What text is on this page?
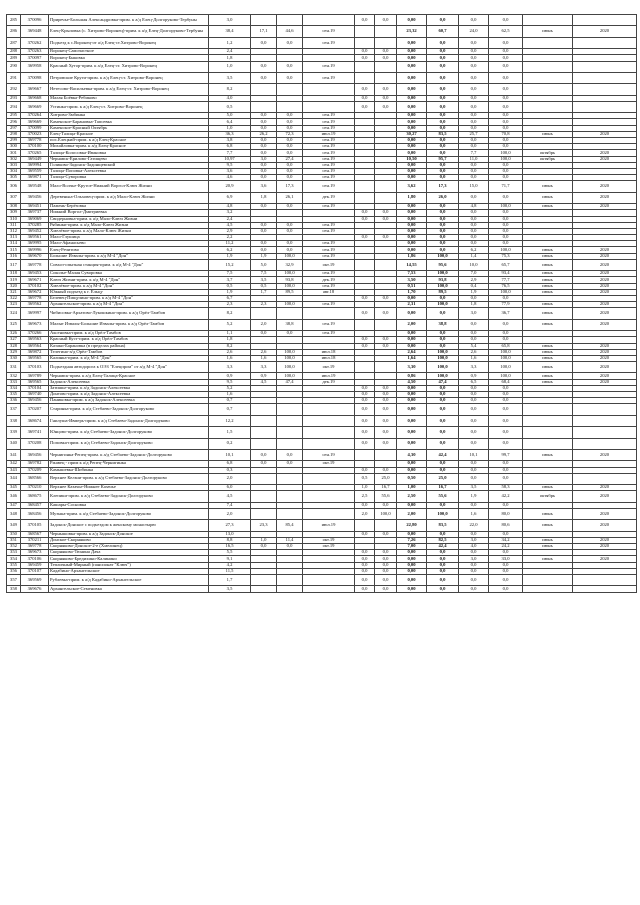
285	370096	Приречье-Большая Александровка-прим. к а/д Елец-Долгоруково-Тербуны	3,0				0,0	0,0	0,00	0,0	0,0	0,0		
286	369448	Елец-Крыловка (с. Хитрово-Воронец)-прим. к а/д Елец-Долгоруково-Тербуны	38,4	17,1	44,6	сен.19			23,32	60,7	24,0	62,5	июнь	2020
287	370262	Подъезд к с.Воронец-от а/д Елец-ст.Хитрово-Воронец	1,2	0,0	0,0	сен.19			0,00	0,0	0,0	0,0		
288	370263	Воронец-Самочастное	2,4				0,0	0,0	0,00	0,0	0,0	0,0		
289	370097	Воронец-Быковка	1,8				0,0	0,0	0,00	0,0	0,0	0,0		
290	369958	Красный Хутор-прим. к а/д Елец-ст. Хитрово-Воронец	1,0	0,0	0,0	сен.19			0,00	0,0	0,0	0,0		
291	370098	Петровские Круги-прим. к а/д Елец-ст. Хитрово-Воронец	3,5	0,0	0,0	сен.19			0,00	0,0	0,0	0,0		
292	369667	Нетесово-Васильевка-прим. к а/д Елец-ст. Хитрово-Воронец	8,2				0,0	0,0	0,00	0,0	0,0	0,0		
293	369668	Малая Боёвка-Ребиково	4,0				0,0	0,0	0,00	0,0	0,0	0,0		
294	369669	Устинка-прим. к а/д Елец-ст. Хитрово-Воронец	0,5				0,0	0,0	0,00	0,0	0,0	0,0		
295	370264	Хитрово-Змбинка	5,0	0,0	0,0	сен.19			0,00	0,0	0,0	0,0		
296	369669	Каменское-Барановка-Тапсевка	6,4	0,0	0,0	сен.19			0,00	0,0	0,0	0,0		
297	370099	Каменское-Красный Октябрь	1,0	0,0	0,0	сен.19			0,00	0,0	0,0	0,0		
298	370023	Елец-Талица-Красное	36,3	26,2	72,3	июл.19			30,27	83,5	25,7	70,8	июнь	2020
299	369778	пос.Елецкий-прим. к а/д Елец-Красное	3,8	0,0	0,0	сен.19			0,00	0,0	0,0	0,0		
300	370100	Михайловка-прим. к а/д Елец-Красное	6,8	0,0	0,0	сен.19			0,00	0,0	0,0	0,0		
301	370265	Талица-Колосовка-Ивановка	7,7	0,0	0,0	сен.19			0,00	0,0	7,7	100,0	октябрь	2020
302	369449	Чернавск-Ерилово-Гатищево	10,97	3,0	27,4	сен.19			10,50	95,7	11,0	100,0	октябрь	2020
303	369994	Голиково-Задонск-Задонщевский	9,5	0,0	0,0	сен.19			0,00	0,0	0,0	0,0		
304	369559	Талица-Поповка-Алексеевка	3,6	0,0	0,0	сен.19			0,00	0,0	0,0	0,0		
305	369871	Талица-Суворовка	4,6	0,0	0,0	сен.19			0,00	0,0	0,0	0,0		
306	369548	Мало-Волчье-Крутое-Нижний Воргол-Ключ Жизни	20,9	3,6	17,3	сен.19			3,62	17,3	15,0	71,7	июнь	2020
307	369456	Деревенька-Ольховец-прим. к а/д Мало-Ключ Жизни	6,9	1,8	26,1	дек.19			1,80	26,0	0,0	0,0	июнь	2020
308	369451	Пажень-Берёзовка	4,8	0,0	0,0	сен.19			0,00	0,0	4,8	100,0	июнь	2020
309	369737	Нижний Воргол-Дмитриевка	3,2				0,0	0,0	0,00	0,0	0,0	0,0		
310	369069	Свидерновка-прим. к а/д Мало-Ключ Жизни	2,4				0,0	0,0	0,00	0,0	0,0	0,0		
311	370285	Рябинки-прим. к а/д Мало-Ключ Жизни	4,5	0,0	0,0	сен.19			0,00	0,0	0,0	0,0		
312	369452	Хмелёвое-прим. к а/д Мало-Ключ Жизни	2,9	0,0	0,0	сен.19			0,00	0,0	0,0	0,0		
313	369561	Мало-Глушица	2,2				0,0	0,0	0,00	0,0	0,0	0,0		
314	369995	Мало-Афанасьево	11,2	0,0	0,0	сен.19			0,00	0,0	0,0	0,0		
315	369996	Елец-Речитово	6,2	0,0	0,0	сен.19			0,00	0,0	6,2	100,0	июнь	2020
316	369670	Большие Извалы-прим. к а/д М-4 "Дон"	1,9	1,9	100,0	сен.19			1,86	100,0	1,4	75,3	июнь	2020
317	369778	Совхоз-опытная станция-прим. к а/д М-4 "Дон"	15,2	5,0	32,9	окт.19			14,55	95,6	10,0	65,7	июнь	2020
318	369453	Соколье-Малая Суворовка	7,5	7,5	100,0	сен.19			7,53	100,0	7,0	93,4	июнь	2020
319	369671	Ключ Жизни-прим. к а/д М-4 "Дон"	3,7	3,5	93,8	дек.19			3,50	93,8	2,9	77,7	июнь	2020
320	370102	Хмелёвое-прим. к а/д М-4 "Дон"	0,5	0,5	100,0	сен.19			0,51	100,0	0,4	76,5	июнь	2020
321	369672	Южный подъезд к г. Ельцу	1,9	1,7	89,5	авг.18			1,70	89,5	1,9	100,0	июнь	2020
322	369778	Белевец-Пищулино-прим. к а/д М-4 "Дон"	6,7				0,0	0,0	0,00	0,0	0,0	0,0		
323	369562	Архангельское-прим. к а/д М-4 "Дон"	2,3	2,3	100,0	сен.19			2,31	100,0	1,8	77,9	июнь	2020
324	369997	Чибисовка-Архатово-Лукошкино-прим. к а/д Орёл-Тамбов	8,2				0,0	0,0	0,00	0,0	3,0	36,7	июнь	2020
325	369673	Малые Извалы-Большие Извалы-прим. к а/д Орёл-Тамбов	5,2	2,0	38,8	сен.19			2,00	38,8	0,0	0,0	июнь	2020
326	370266	Аксеновка-прим. к а/д Орёл-Тамбов	1,1	0,0	0,0	сен.19			0,00	0,0	0,0	0,0		
327	369563	Красный Куст-прим. к а/д Орёл-Тамбов	1,8				0,0	0,0	0,00	0,0	0,0	0,0		
328	369564	Казаки-Барановка (в пределах района)	8,2				0,0	0,0	0,00	0,0	5,4	65,8	июнь	2020
329	369872	Телегино-а/д Орёл-Тамбов	2,6	2,6	100,0	июл.18			2,64	100,0	2,6	100,0	июнь	2020
330	369565	Калинка-прим. к а/д М-4 "Дон"	1,6	1,6	100,0	июл.18			1,64	100,0	1,6	100,0	июнь	2020
331	370103	Подъездная автодорога к ОЭЗ "Елецпром" от а/д М-4 "Дон"	3,3	3,3	100,0	окт.19			3,30	100,0	3,3	100,0	июнь	2020
332	369789	Чернавск-прим. к а/д Елец-Талица-Красное	0,9	0,9	100,0	июл.19			0,86	100,0	0,9	100,0	июнь	2020
333	369565	Задонск-Алексеевка	9,5	4,5	47,4	дек.19			4,50	47,4	6,5	68,4	июнь	2020
334	370104	Затишье-прим. к а/д Задонск-Алексеевка	5,2				0,0	0,0	0,00	0,0	0,0	0,0		
335	369740	Донтово-прим. к а/д Задонск-Алексеевка	1,6				0,0	0,0	0,00	0,0	0,0	0,0		
336	369456	Паниковка-прим. к а/д Задонск-Алексеевка	0,7				0,0	0,0	0,00	0,0	0,0	0,0		
337	370207	Старинка-прим. к а/д Стебаево-Задонск-Долгоруково	0,7				0,0	0,0	0,00	0,0	0,0	0,0		
338	368674	Гнилуша-Ивмерь-прим. к а/д Стебаево-Задонск-Долгоруково	12,2				0,0	0,0	0,00	0,0	0,0	0,0		
339	369741	Юнцово-прим. к а/д Стебаево-Задонск-Долгоруково	1,5				0,0	0,0	0,00	0,0	0,0	0,0		
340	370208	Поповка-прим. к а/д Стебаево-Задонск-Долгоруково	0,2				0,0	0,0	0,00	0,0	0,0	0,0		
341	369456	Чернигинка-Репец-прим. к а/д Стебаево-Задонск-Долгоруково	10,1	0,0	0,0	сен.19			4,30	42,4	10,1	99,7	июнь	2020
342	369782	Ржавец - прим к а/д Репец-Чернигинка	6,8	0,0	0,0	окт.19			0,00	0,0	0,0	0,0		
343	370209	Камышевка-Шибинка	0,3				0,0	0,0	0,00	0,0	0,0	0,0		
344	368566	Верхнее Кельчи-прим. к а/д Стебаево-Задонск-Долгоруково	2,0				0,5	25,0	0,50	25,0	0,0	0,0		
345	370210	Верхнее Казачье-Нижнее Казачье	6,0				1,0	16,7	1,00	16,7	3,5	58,3	июнь	2020
346	368675	Клепики-прим. к а/д Стебаево-Задонск-Долгоруково	4,5				2,5	55,6	2,50	55,6	1,9	42,2	октябрь	2020
347	368457	Кашары-Сосновка	7,4				0,0	0,0	0,00	0,0	0,0	0,0		
348	368456	Музыка-прим. к а/д Стебаево-Задонск-Долгоруково	2,0				2,0	100,0	2,00	100,0	1,6	80,0	июнь	2020
349	370105	Задонск-Донское с подъездом к женскому монастырю	27,3	23,3	85,4	июл.19			22,80	83,5	22,0	80,6	июнь	2020
350	368567	Чернышовка-прим. к а/д Задонск-Донское	13,0				0,0	0,0	0,00	0,0	0,0	0,0		
351	370211	Донское-Скорняково	8,8	1,0	11,4	окт.19			7,26	82,5	3,0	34,2	июнь	2020
352	369778	Скорняково-Донское-2-е (Хмелинец)	16,5	0,0	0,0	окт.19			7,00	42,4	4,0	24,2	июнь	2020
353	369673	Скорняково-Тюнина Дача	5,5				0,0	0,0	0,00	0,0	0,0	0,0		
354	370106	Скорняково-Бредихино-Калинино	9,1				0,0	0,0	0,00	0,0	3,0	33,0	июнь	2020
355	369459	Тепличный-Мирный (пансионат "Ключ")	4,2				0,0	0,0	0,00	0,0	0,0	0,0		
356	370107	Кадабино-Архангельское	11,5				0,0	0,0	0,00	0,0	0,0	0,0		
357	369569	Рублевка-прим. к а/д Кадабино-Архангельское	1,7				0,0	0,0	0,00	0,0	0,0	0,0		
358	369676	Архангельское-Семеновка	3,5				0,0	0,0	0,00	0,0	0,0	0,0		
